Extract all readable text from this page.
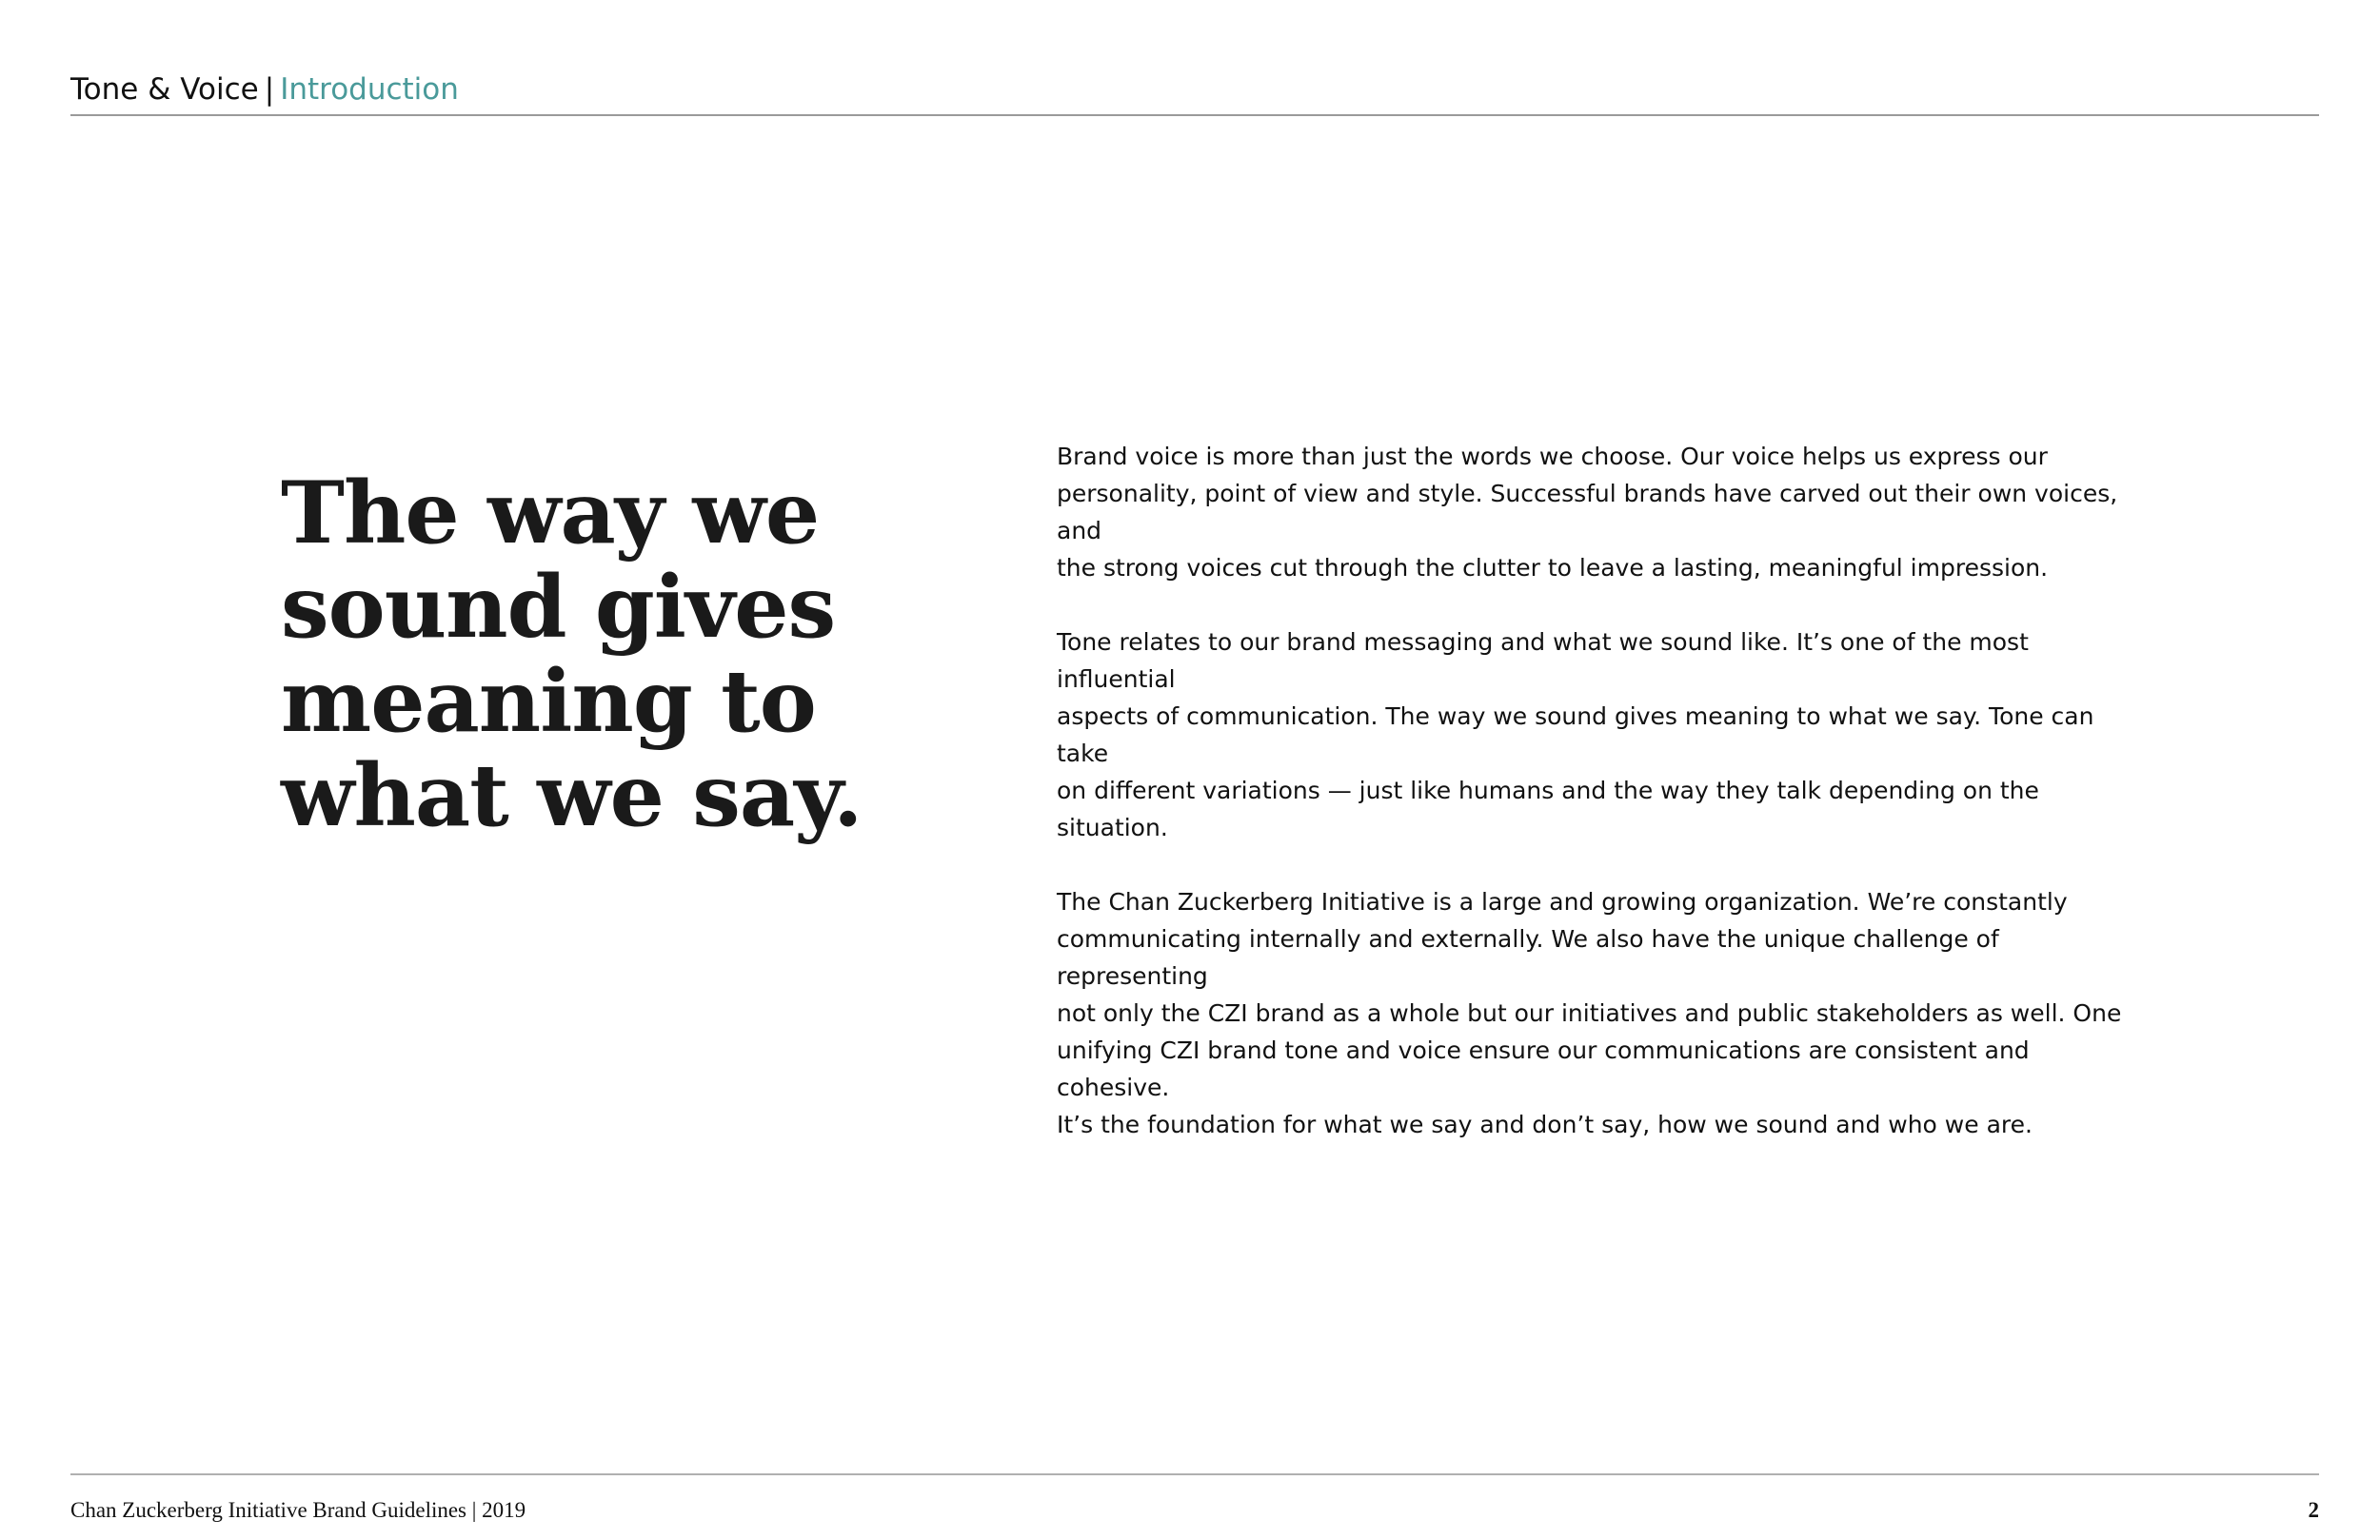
Tone & Voice | Introduction
The way we sound gives meaning to what we say.

Brand voice is more than just the words we choose. Our voice helps us express our
personality, point of view and style. Successful brands have carved out their own voices, and
the strong voices cut through the clutter to leave a lasting, meaningful impression.

Tone relates to our brand messaging and what we sound like. It’s one of the most influential
aspects of communication. The way we sound gives meaning to what we say. Tone can take
on different variations — just like humans and the way they talk depending on the situation.

The Chan Zuckerberg Initiative is a large and growing organization. We’re constantly
communicating internally and externally. We also have the unique challenge of representing
not only the CZI brand as a whole but our initiatives and public stakeholders as well. One
unifying CZI brand tone and voice ensure our communications are consistent and cohesive.
It’s the foundation for what we say and don’t say, how we sound and who we are.

Chan Zuckerberg Initiative Brand Guidelines | 2019	2
